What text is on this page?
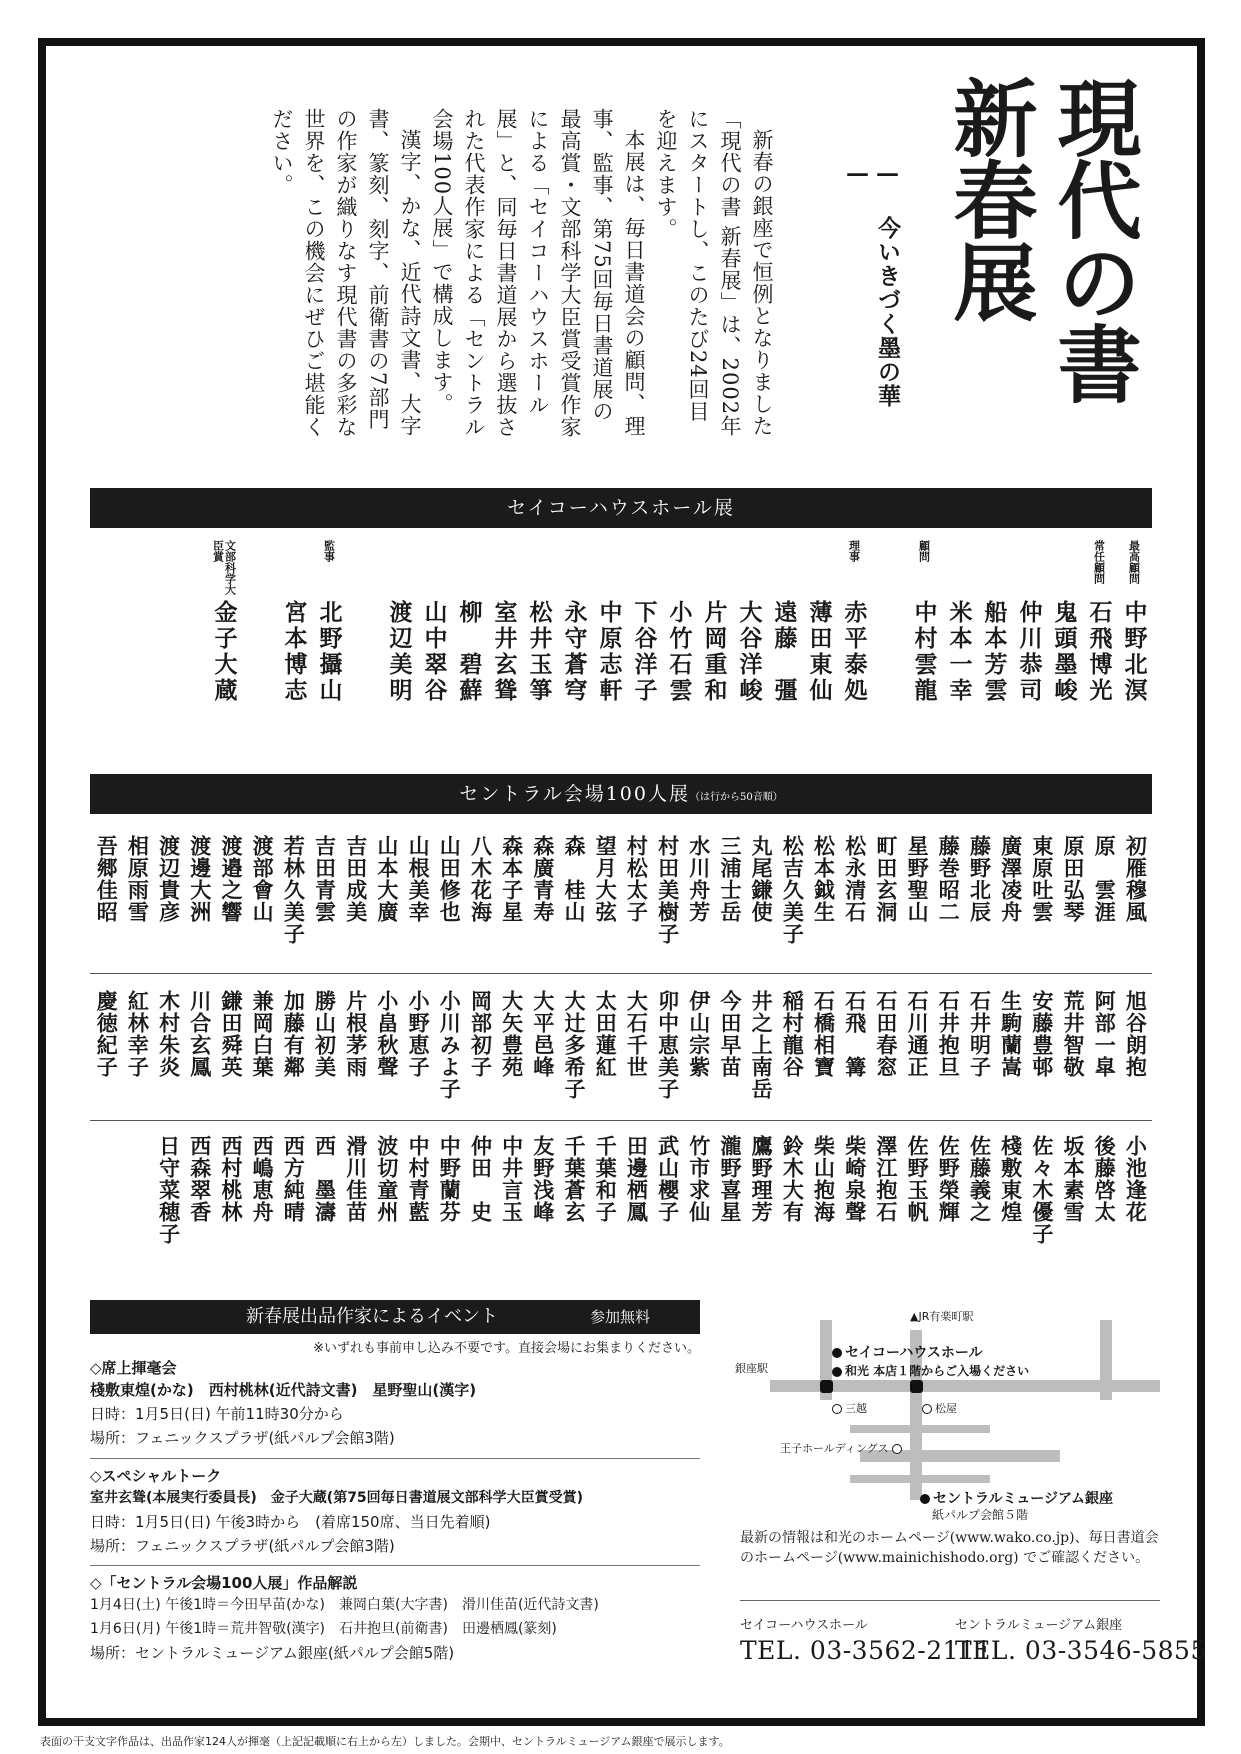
現代の書　新春展
— 今いきづく墨の華 —

新春の銀座で恒例となりました「現代の書 新春展」は、2002年にスタートし、このたび24回目を迎えます。

本展は、毎日書道会の顧問、理事、監事、第75回毎日書道展の最高賞・文部科学大臣賞受賞作家による「セイコーハウスホール展」と、同毎日書道展から選抜された代表作家による「セントラル会場100人展」で構成します。

漢字、かな、近代詩文書、大字書、篆刻、刻字、前衛書の7部門の作家が織りなす現代書の多彩な世界を、この機会にぜひご堪能ください。

セイコーハウスホール展
最高顧問
中野北溟
常任顧問
石飛博光
鬼頭墨峻
仲川恭司
船本芳雲
米本一幸
顧問
中村雲龍
理事
赤平泰処
薄田東仙
遠藤　彊
大谷洋峻
片岡重和
小竹石雲
下谷洋子
中原志軒
永守蒼穹
松井玉箏
室井玄聳
柳　碧蘚
山中翠谷
渡辺美明
監事
北野攝山
宮本博志
文部科学大臣賞
金子大蔵
セントラル会場100人展（は行から50音順）
初雁穆風
原　雲涯
原田弘琴
東原吐雲
廣澤凌舟
藤野北辰
藤巻昭二
星野聖山
町田玄洞
松永清石
松本鉞生
松吉久美子
丸尾鎌使
三浦士岳
水川舟芳
村田美樹子
村松太子
望月大弦
森　桂山
森廣青寿
森本子星
八木花海
山田修也
山根美幸
山本大廣
吉田成美
吉田青雲
若林久美子
渡部會山
渡邉之響
渡邊大洲
渡辺貴彦
相原雨雪
吾郷佳昭
旭谷朗抱
阿部一皐
荒井智敬
安藤豊邨
生駒蘭嵩
石井明子
石井抱旦
石川通正
石田春窓
石飛　篝
石橋相寶
稲村龍谷
井之上南岳
今田早苗
伊山宗紫
卯中恵美子
大石千世
太田蓮紅
大辻多希子
大平邑峰
大矢豊苑
岡部初子
小川みよ子
小野恵子
小畠秋聲
片根茅雨
勝山初美
加藤有鄰
兼岡白葉
鎌田舜英
川合玄鳳
木村朱炎
紅林幸子
慶徳紀子
小池逢花
後藤啓太
坂本素雪
佐々木優子
棧敷東煌
佐藤義之
佐野榮輝
佐野玉帆
澤江抱石
柴崎泉聲
柴山抱海
鈴木大有
鷹野理芳
瀧野喜星
竹市求仙
武山櫻子
田邊栖鳳
千葉和子
千葉蒼玄
友野浅峰
中井言玉
仲田　史
中野蘭芬
中村青藍
波切童州
滑川佳苗
西　墨濤
西方純晴
西嶋恵舟
西村桃林
西森翠香
日守菜穂子
新春展出品作家によるイベント	参加無料
※いずれも事前申し込み不要です。直接会場にお集まりください。
◇席上揮毫会
棧敷東煌(かな)　西村桃林(近代詩文書)　星野聖山(漢字)
日時：1月5日(日) 午前11時30分から
場所：フェニックスプラザ(紙パルプ会館3階)
◇スペシャルトーク
室井玄聳(本展実行委員長)　金子大蔵(第75回毎日書道展文部科学大臣賞受賞)
日時：1月5日(日) 午後3時から　(着席150席、当日先着順)
場所：フェニックスプラザ(紙パルプ会館3階)
◇「セントラル会場100人展」作品解説
1月4日(土) 午後1時＝今田早苗(かな)　兼岡白葉(大字書)　滑川佳苗(近代詩文書)
1月6日(月) 午後1時＝荒井智敬(漢字)　石井抱旦(前衛書)　田邊栖鳳(篆刻)
場所：セントラルミュージアム銀座(紙パルプ会館5階)
▲JR有楽町駅
銀座駅
セイコーハウスホール
和光 本店１階からご入場ください
三越	松屋
王子ホールディングス
セントラルミュージアム銀座
紙パルプ会館５階
最新の情報は和光のホームページ(www.wako.co.jp)、毎日書道会のホームページ(www.mainichishodo.org) でご確認ください。
セイコーハウスホール
TEL. 03-3562-2111
セントラルミュージアム銀座
TEL. 03-3546-5855
表面の干支文字作品は、出品作家124人が揮毫（上記記載順に右上から左）しました。会期中、セントラルミュージアム銀座で展示します。
